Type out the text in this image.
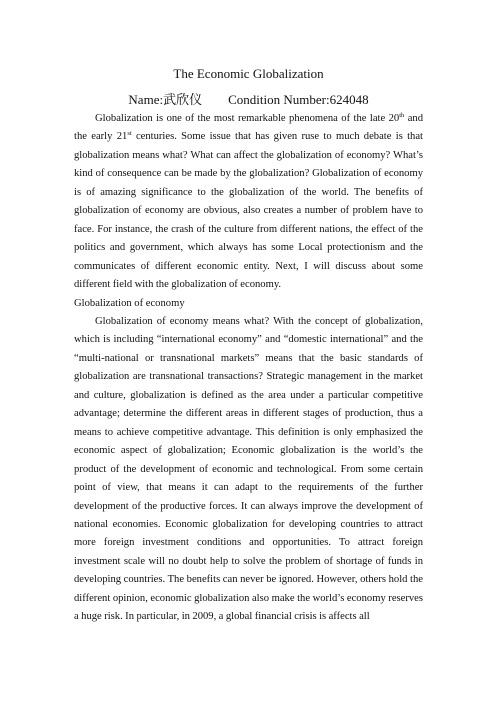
The Economic Globalization
Name:武欣仪 Condition Number:624048

Globalization is one of the most remarkable phenomena of the late 20th and the early 21st centuries. Some issue that has given ruse to much debate is that globalization means what? What can affect the globalization of economy? What’s kind of consequence can be made by the globalization? Globalization of economy is of amazing significance to the globalization of the world. The benefits of globalization of economy are obvious, also creates a number of problem have to face. For instance, the crash of the culture from different nations, the effect of the politics and government, which always has some Local protectionism and the communicates of different economic entity. Next, I will discuss about some different field with the globalization of economy.

Globalization of economy

Globalization of economy means what? With the concept of globalization, which is including “international economy” and “domestic international” and the “multi-national or transnational markets” means that the basic standards of globalization are transnational transactions? Strategic management in the market and culture, globalization is defined as the area under a particular competitive advantage; determine the different areas in different stages of production, thus a means to achieve competitive advantage. This definition is only emphasized the economic aspect of globalization; Economic globalization is the world’s the product of the development of economic and technological. From some certain point of view, that means it can adapt to the requirements of the further development of the productive forces. It can always improve the development of national economies. Economic globalization for developing countries to attract more foreign investment conditions and opportunities. To attract foreign investment scale will no doubt help to solve the problem of shortage of funds in developing countries. The benefits can never be ignored. However, others hold the different opinion, economic globalization also make the world’s economy reserves a huge risk. In particular, in 2009, a global financial crisis is affects all
